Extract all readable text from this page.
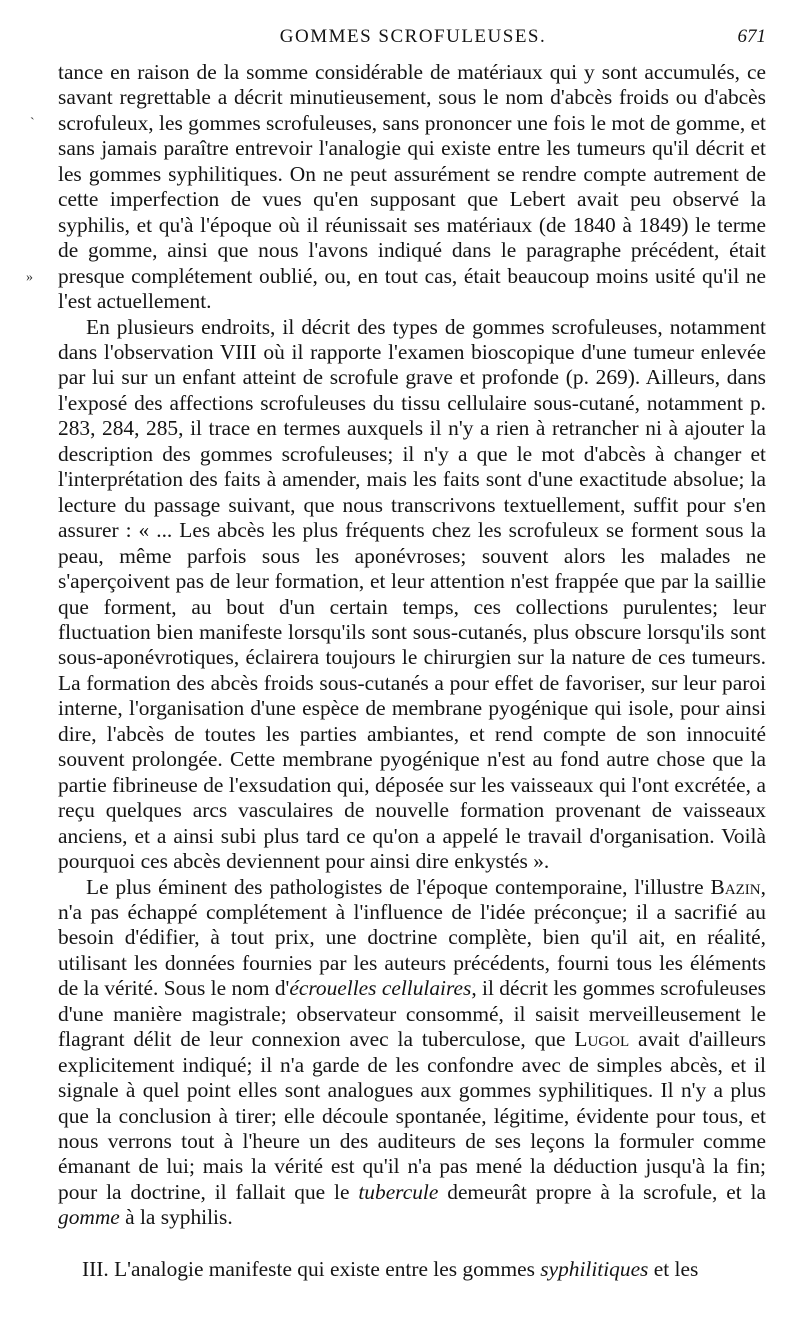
GOMMES SCROFULEUSES.	671
`
»

tance en raison de la somme considérable de matériaux qui y sont accumulés, ce savant regrettable a décrit minutieusement, sous le nom d'abcès froids ou d'abcès scrofuleux, les gommes scrofuleuses, sans prononcer une fois le mot de gomme, et sans jamais paraître entrevoir l'analogie qui existe entre les tumeurs qu'il décrit et les gommes syphilitiques. On ne peut assurément se rendre compte autrement de cette imperfection de vues qu'en supposant que Lebert avait peu observé la syphilis, et qu'à l'époque où il réunissait ses matériaux (de 1840 à 1849) le terme de gomme, ainsi que nous l'avons indiqué dans le paragraphe précédent, était presque complétement oublié, ou, en tout cas, était beaucoup moins usité qu'il ne l'est actuellement.

En plusieurs endroits, il décrit des types de gommes scrofuleuses, notamment dans l'observation VIII où il rapporte l'examen bioscopique d'une tumeur enlevée par lui sur un enfant atteint de scrofule grave et profonde (p. 269). Ailleurs, dans l'exposé des affections scrofuleuses du tissu cellulaire sous-cutané, notamment p. 283, 284, 285, il trace en termes auxquels il n'y a rien à retrancher ni à ajouter la description des gommes scrofuleuses; il n'y a que le mot d'abcès à changer et l'interprétation des faits à amender, mais les faits sont d'une exactitude absolue; la lecture du passage suivant, que nous transcrivons textuellement, suffit pour s'en assurer : « ... Les abcès les plus fréquents chez les scrofuleux se forment sous la peau, même parfois sous les aponévroses; souvent alors les malades ne s'aperçoivent pas de leur formation, et leur attention n'est frappée que par la saillie que forment, au bout d'un certain temps, ces collections purulentes; leur fluctuation bien manifeste lorsqu'ils sont sous-cutanés, plus obscure lorsqu'ils sont sous-aponévrotiques, éclairera toujours le chirurgien sur la nature de ces tumeurs. La formation des abcès froids sous-cutanés a pour effet de favoriser, sur leur paroi interne, l'organisation d'une espèce de membrane pyogénique qui isole, pour ainsi dire, l'abcès de toutes les parties ambiantes, et rend compte de son innocuité souvent prolongée. Cette membrane pyogénique n'est au fond autre chose que la partie fibrineuse de l'exsudation qui, déposée sur les vaisseaux qui l'ont excrétée, a reçu quelques arcs vasculaires de nouvelle formation provenant de vaisseaux anciens, et a ainsi subi plus tard ce qu'on a appelé le travail d'organisation. Voilà pourquoi ces abcès deviennent pour ainsi dire enkystés ».

Le plus éminent des pathologistes de l'époque contemporaine, l'illustre Bazin, n'a pas échappé complétement à l'influence de l'idée préconçue; il a sacrifié au besoin d'édifier, à tout prix, une doctrine complète, bien qu'il ait, en réalité, utilisant les données fournies par les auteurs précédents, fourni tous les éléments de la vérité. Sous le nom d'écrouelles cellulaires, il décrit les gommes scrofuleuses d'une manière magistrale; observateur consommé, il saisit merveilleusement le flagrant délit de leur connexion avec la tuberculose, que Lugol avait d'ailleurs explicitement indiqué; il n'a garde de les confondre avec de simples abcès, et il signale à quel point elles sont analogues aux gommes syphilitiques. Il n'y a plus que la conclusion à tirer; elle découle spontanée, légitime, évidente pour tous, et nous verrons tout à l'heure un des auditeurs de ses leçons la formuler comme émanant de lui; mais la vérité est qu'il n'a pas mené la déduction jusqu'à la fin; pour la doctrine, il fallait que le tubercule demeurât propre à la scrofule, et la gomme à la syphilis.

III. L'analogie manifeste qui existe entre les gommes syphilitiques et les
